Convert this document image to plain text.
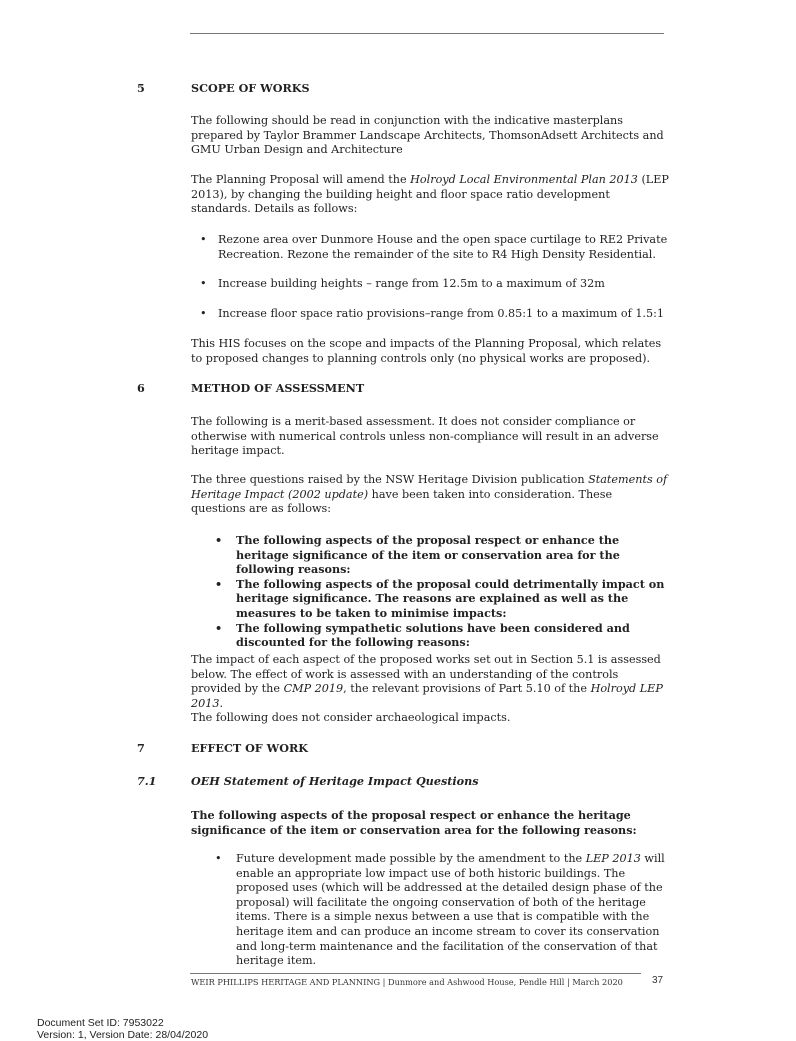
5	SCOPE OF WORKS

The following should be read in conjunction with the indicative masterplans prepared by Taylor Brammer Landscape Architects, ThomsonAdsett Architects and GMU Urban Design and Architecture

The Planning Proposal will amend the Holroyd Local Environmental Plan 2013 (LEP 2013), by changing the building height and floor space ratio development standards. Details as follows:

• Rezone area over Dunmore House and the open space curtilage to RE2 Private Recreation. Rezone the remainder of the site to R4 High Density Residential.
• Increase building heights – range from 12.5m to a maximum of 32m
• Increase floor space ratio provisions–range from 0.85:1 to a maximum of 1.5:1

This HIS focuses on the scope and impacts of the Planning Proposal, which relates to proposed changes to planning controls only (no physical works are proposed).

6	METHOD OF ASSESSMENT

The following is a merit-based assessment. It does not consider compliance or otherwise with numerical controls unless non-compliance will result in an adverse heritage impact.

The three questions raised by the NSW Heritage Division publication Statements of Heritage Impact (2002 update) have been taken into consideration. These questions are as follows:

• The following aspects of the proposal respect or enhance the heritage significance of the item or conservation area for the following reasons:
• The following aspects of the proposal could detrimentally impact on heritage significance. The reasons are explained as well as the measures to be taken to minimise impacts:
• The following sympathetic solutions have been considered and discounted for the following reasons:

The impact of each aspect of the proposed works set out in Section 5.1 is assessed below. The effect of work is assessed with an understanding of the controls provided by the CMP 2019, the relevant provisions of Part 5.10 of the Holroyd LEP 2013.

The following does not consider archaeological impacts.

7	EFFECT OF WORK
7.1	OEH Statement of Heritage Impact Questions

The following aspects of the proposal respect or enhance the heritage significance of the item or conservation area for the following reasons:

• Future development made possible by the amendment to the LEP 2013 will enable an appropriate low impact use of both historic buildings. The proposed uses (which will be addressed at the detailed design phase of the proposal) will facilitate the ongoing conservation of both of the heritage items. There is a simple nexus between a use that is compatible with the heritage item and can produce an income stream to cover its conservation and long-term maintenance and the facilitation of the conservation of that heritage item.
WEIR PHILLIPS HERITAGE AND PLANNING | Dunmore and Ashwood House, Pendle Hill | March 2020	37
Document Set ID: 7953022
Version: 1, Version Date: 28/04/2020
